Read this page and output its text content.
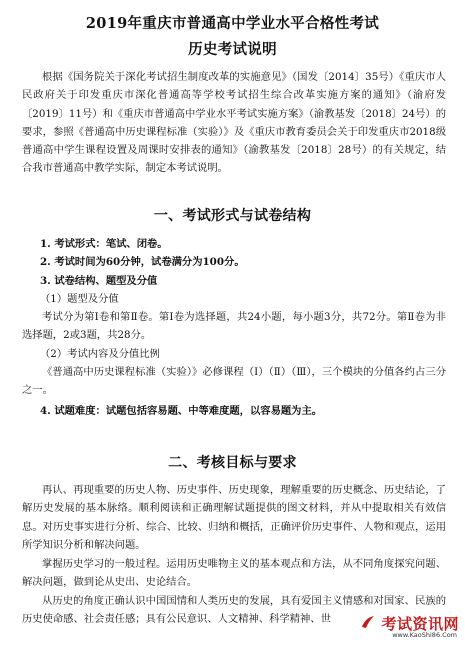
2019年重庆市普通高中学业水平合格性考试
历史考试说明

根据《国务院关于深化考试招生制度改革的实施意见》（国发〔2014〕35号）《重庆市人民政府关于印发重庆市深化普通高等学校考试招生综合改革实施方案的通知》（渝府发〔2019〕11号）和《重庆市普通高中学业水平考试实施方案》（渝教基发〔2018〕24号）的要求，参照《普通高中历史课程标准（实验）》及《重庆市教育委员会关于印发重庆市2018级普通高中学生课程设置及周课时安排表的通知》（渝教基发〔2018〕28号）的有关规定，结合我市普通高中教学实际，制定本考试说明。

一、考试形式与试卷结构

1. 考试形式：笔试、闭卷。

2. 考试时间为60分钟，试卷满分为100分。

3. 试卷结构、题型及分值

（1）题型及分值

考试分为第Ⅰ卷和第Ⅱ卷。第Ⅰ卷为选择题，共24小题，每小题3分，共72分。第Ⅱ卷为非选择题，2或3题，共28分。

（2）考试内容及分值比例

《普通高中历史课程标准（实验）》必修课程（Ⅰ）（Ⅱ）（Ⅲ），三个模块的分值各约占三分之一。

4. 试题难度：试题包括容易题、中等难度题，以容易题为主。

二、考核目标与要求

再认、再现重要的历史人物、历史事件、历史现象，理解重要的历史概念、历史结论，了解历史发展的基本脉络。顺利阅读和正确理解试题提供的图文材料，并从中提取相关有效信息。对历史事实进行分析、综合、比较、归纳和概括，正确评价历史事件、人物和观点，运用所学知识分析和解决问题。

掌握历史学习的一般过程。运用历史唯物主义的基本观点和方法，从不同角度探究问题、解决问题，做到论从史出、史论结合。

从历史的角度正确认识中国国情和人类历史的发展，具有爱国主义情感和对国家、民族的历史使命感、社会责任感；具有公民意识、人文精神、科学精神、世	考试资讯网
www.KaoShi86.Com
